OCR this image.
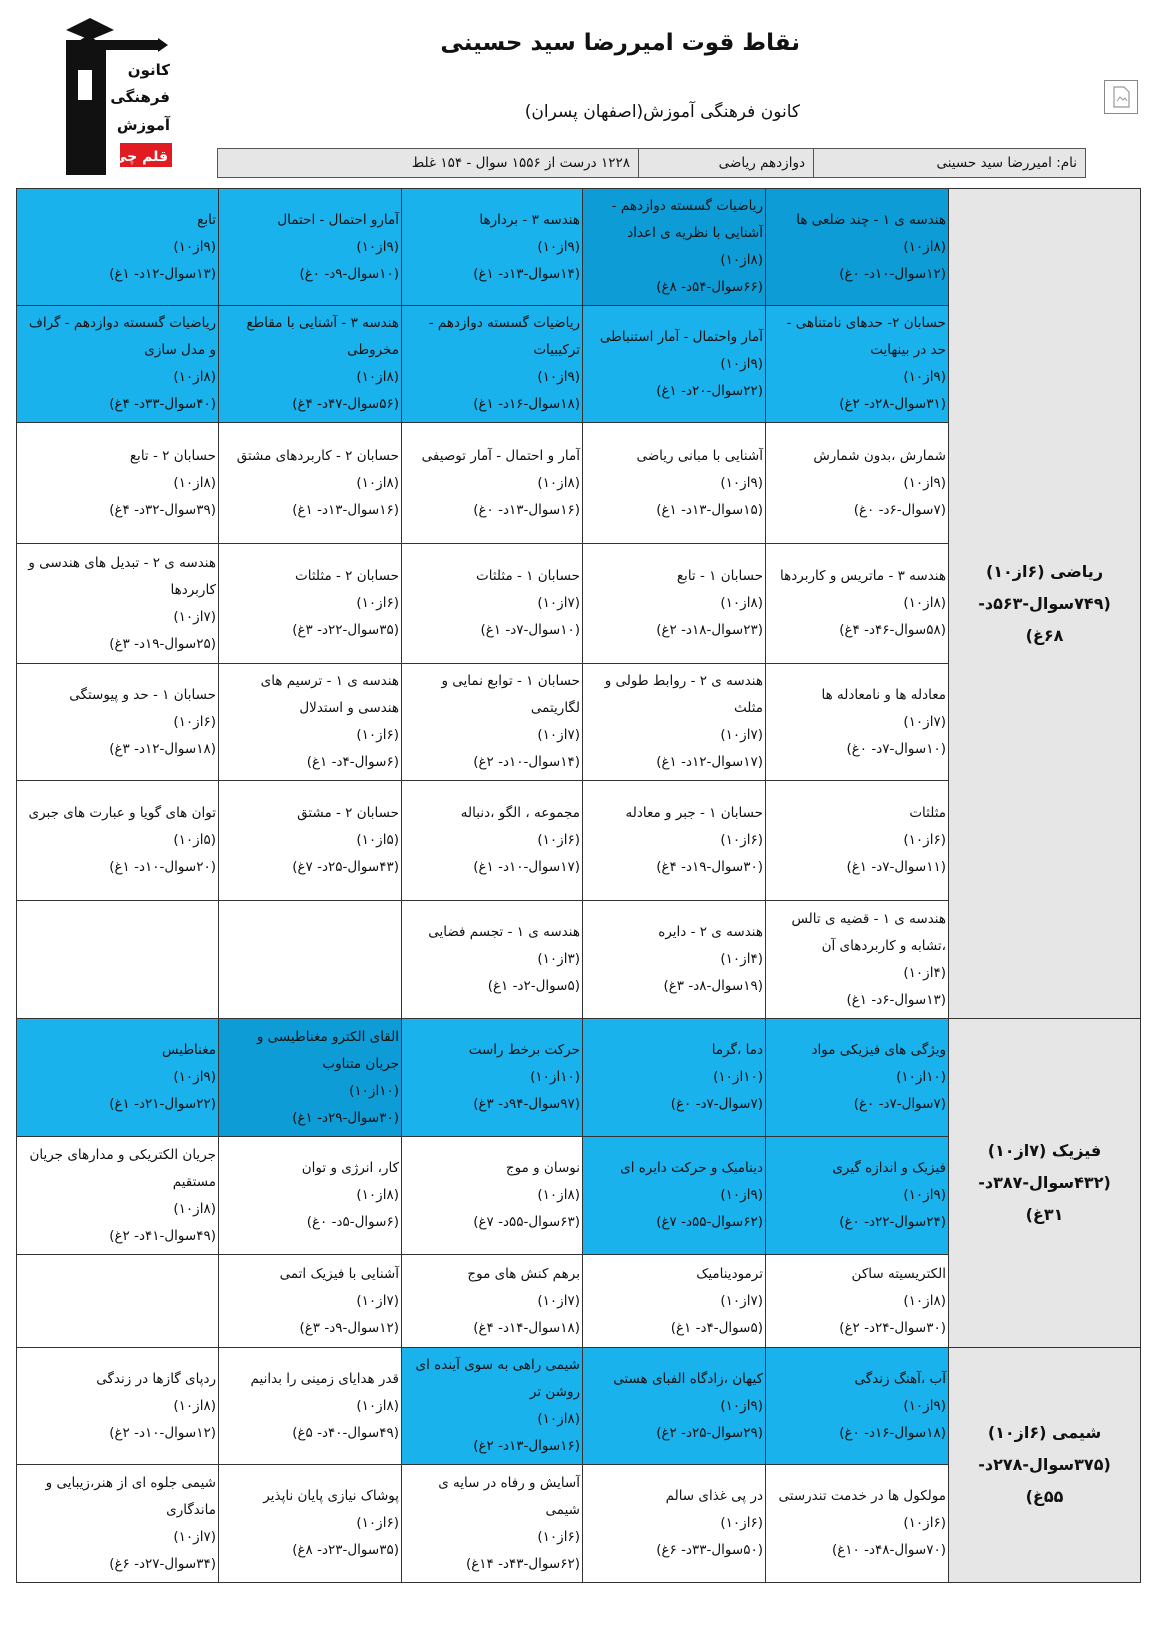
کانون
فرهنگی
آموزش
قلم چی
نقاط قوت امیررضا سید حسینی
کانون فرهنگی آموزش(اصفهان پسران)
نام: امیررضا سید حسینی	دوازدهم ریاضی	۱۲۲۸ درست از ۱۵۵۶ سوال - ۱۵۴ غلط
ریاضی (۶از۱۰) (۷۴۹سوال-۵۶۳د- ۶۸غ)	هندسه ی ۱ - چند ضلعی ها
(۸از۱۰)
(۱۲سوال-۱۰د- ۰غ)	ریاضیات گسسته دوازدهم - آشنایی با نظریه ی اعداد
(۸از۱۰)
(۶۶سوال-۵۴د- ۸غ)	هندسه ۳ - بردارها
(۹از۱۰)
(۱۴سوال-۱۳د- ۱غ)	آمارو احتمال - احتمال
(۹از۱۰)
(۱۰سوال-۹د- ۰غ)	تابع
(۹از۱۰)
(۱۳سوال-۱۲د- ۱غ)

	حسابان ۲- حدهای نامتناهی - حد در بینهایت
(۹از۱۰)
(۳۱سوال-۲۸د- ۲غ)	آمار واحتمال - آمار استنباطی
(۹از۱۰)
(۲۲سوال-۲۰د- ۱غ)	ریاضیات گسسته دوازدهم - ترکیبیات
(۹از۱۰)
(۱۸سوال-۱۶د- ۱غ)	هندسه ۳ - آشنایی با مقاطع مخروطی
(۸از۱۰)
(۵۶سوال-۴۷د- ۴غ)	ریاضیات گسسته دوازدهم - گراف و مدل سازی
(۸از۱۰)
(۴۰سوال-۳۳د- ۴غ)

	شمارش ،بدون شمارش
(۹از۱۰)
(۷سوال-۶د- ۰غ)	آشنایی با مبانی ریاضی
(۹از۱۰)
(۱۵سوال-۱۳د- ۱غ)	آمار و احتمال - آمار توصیفی
(۸از۱۰)
(۱۶سوال-۱۳د- ۰غ)	حسابان ۲ - کاربردهای مشتق
(۸از۱۰)
(۱۶سوال-۱۳د- ۱غ)	حسابان ۲ - تابع
(۸از۱۰)
(۳۹سوال-۳۲د- ۴غ)

	هندسه ۳ - ماتریس و کاربردها
(۸از۱۰)
(۵۸سوال-۴۶د- ۴غ)	حسابان ۱ - تابع
(۸از۱۰)
(۲۳سوال-۱۸د- ۲غ)	حسابان ۱ - مثلثات
(۷از۱۰)
(۱۰سوال-۷د- ۱غ)	حسابان ۲ - مثلثات
(۶از۱۰)
(۳۵سوال-۲۲د- ۳غ)	هندسه ی ۲ - تبدیل های هندسی و کاربردها
(۷از۱۰)
(۲۵سوال-۱۹د- ۳غ)

	معادله ها و نامعادله ها
(۷از۱۰)
(۱۰سوال-۷د- ۰غ)	هندسه ی ۲ - روابط طولی و مثلث
(۷از۱۰)
(۱۷سوال-۱۲د- ۱غ)	حسابان ۱ - توابع نمایی و لگاریتمی
(۷از۱۰)
(۱۴سوال-۱۰د- ۲غ)	هندسه ی ۱ - ترسیم های هندسی و استدلال
(۶از۱۰)
(۶سوال-۴د- ۱غ)	حسابان ۱ - حد و پیوستگی
(۶از۱۰)
(۱۸سوال-۱۲د- ۳غ)

	مثلثات
(۶از۱۰)
(۱۱سوال-۷د- ۱غ)	حسابان ۱ - جبر و معادله
(۶از۱۰)
(۳۰سوال-۱۹د- ۴غ)	مجموعه ، الگو ،دنباله
(۶از۱۰)
(۱۷سوال-۱۰د- ۱غ)	حسابان ۲ - مشتق
(۵از۱۰)
(۴۳سوال-۲۵د- ۷غ)	توان های گویا و عبارت های جبری
(۵از۱۰)
(۲۰سوال-۱۰د- ۱غ)

	هندسه ی ۱ - قضیه ی تالس ،تشابه و کاربردهای آن
(۴از۱۰)
(۱۳سوال-۶د- ۱غ)	هندسه ی ۲ - دایره
(۴از۱۰)
(۱۹سوال-۸د- ۳غ)	هندسه ی ۱ - تجسم فضایی
(۳از۱۰)
(۵سوال-۲د- ۱غ)		

فیزیک (۷از۱۰) (۴۳۲سوال-۳۸۷د- ۳۱غ)	ویژگی های فیزیکی مواد
(۱۰از۱۰)
(۷سوال-۷د- ۰غ)	دما ،گرما
(۱۰از۱۰)
(۷سوال-۷د- ۰غ)	حرکت برخط راست
(۱۰از۱۰)
(۹۷سوال-۹۴د- ۳غ)	القای الکترو مغناطیسی و جریان متناوب
(۱۰از۱۰)
(۳۰سوال-۲۹د- ۱غ)	مغناطیس
(۹از۱۰)
(۲۲سوال-۲۱د- ۱غ)

	فیزیک و اندازه گیری
(۹از۱۰)
(۲۴سوال-۲۲د- ۰غ)	دینامیک و حرکت دایره ای
(۹از۱۰)
(۶۲سوال-۵۵د- ۷غ)	نوسان و موج
(۸از۱۰)
(۶۳سوال-۵۵د- ۷غ)	کار، انرژی و توان
(۸از۱۰)
(۶سوال-۵د- ۰غ)	جریان الکتریکی و مدارهای جریان مستقیم
(۸از۱۰)
(۴۹سوال-۴۱د- ۲غ)

	الکتریسیته ساکن
(۸از۱۰)
(۳۰سوال-۲۴د- ۲غ)	ترمودینامیک
(۷از۱۰)
(۵سوال-۴د- ۱غ)	برهم کنش های موج
(۷از۱۰)
(۱۸سوال-۱۴د- ۴غ)	آشنایی با فیزیک اتمی
(۷از۱۰)
(۱۲سوال-۹د- ۳غ)	

شیمی (۶از۱۰) (۳۷۵سوال-۲۷۸د- ۵۵غ)	آب ،آهنگ زندگی
(۹از۱۰)
(۱۸سوال-۱۶د- ۰غ)	کیهان ،زادگاه الفبای هستی
(۹از۱۰)
(۲۹سوال-۲۵د- ۲غ)	شیمی راهی به سوی آینده ای روشن تر
(۸از۱۰)
(۱۶سوال-۱۳د- ۲غ)	قدر هدایای زمینی را بدانیم
(۸از۱۰)
(۴۹سوال-۴۰د- ۵غ)	ردپای گازها در زندگی
(۸از۱۰)
(۱۲سوال-۱۰د- ۲غ)

	مولکول ها در خدمت تندرستی
(۶از۱۰)
(۷۰سوال-۴۸د- ۱۰غ)	در پی غذای سالم
(۶از۱۰)
(۵۰سوال-۳۳د- ۶غ)	آسایش و رفاه در سایه ی شیمی
(۶از۱۰)
(۶۲سوال-۴۳د- ۱۴غ)	پوشاک نیازی پایان ناپذیر
(۶از۱۰)
(۳۵سوال-۲۳د- ۸غ)	شیمی جلوه ای از هنر،زیبایی و ماندگاری
(۷از۱۰)
(۳۴سوال-۲۷د- ۶غ)
